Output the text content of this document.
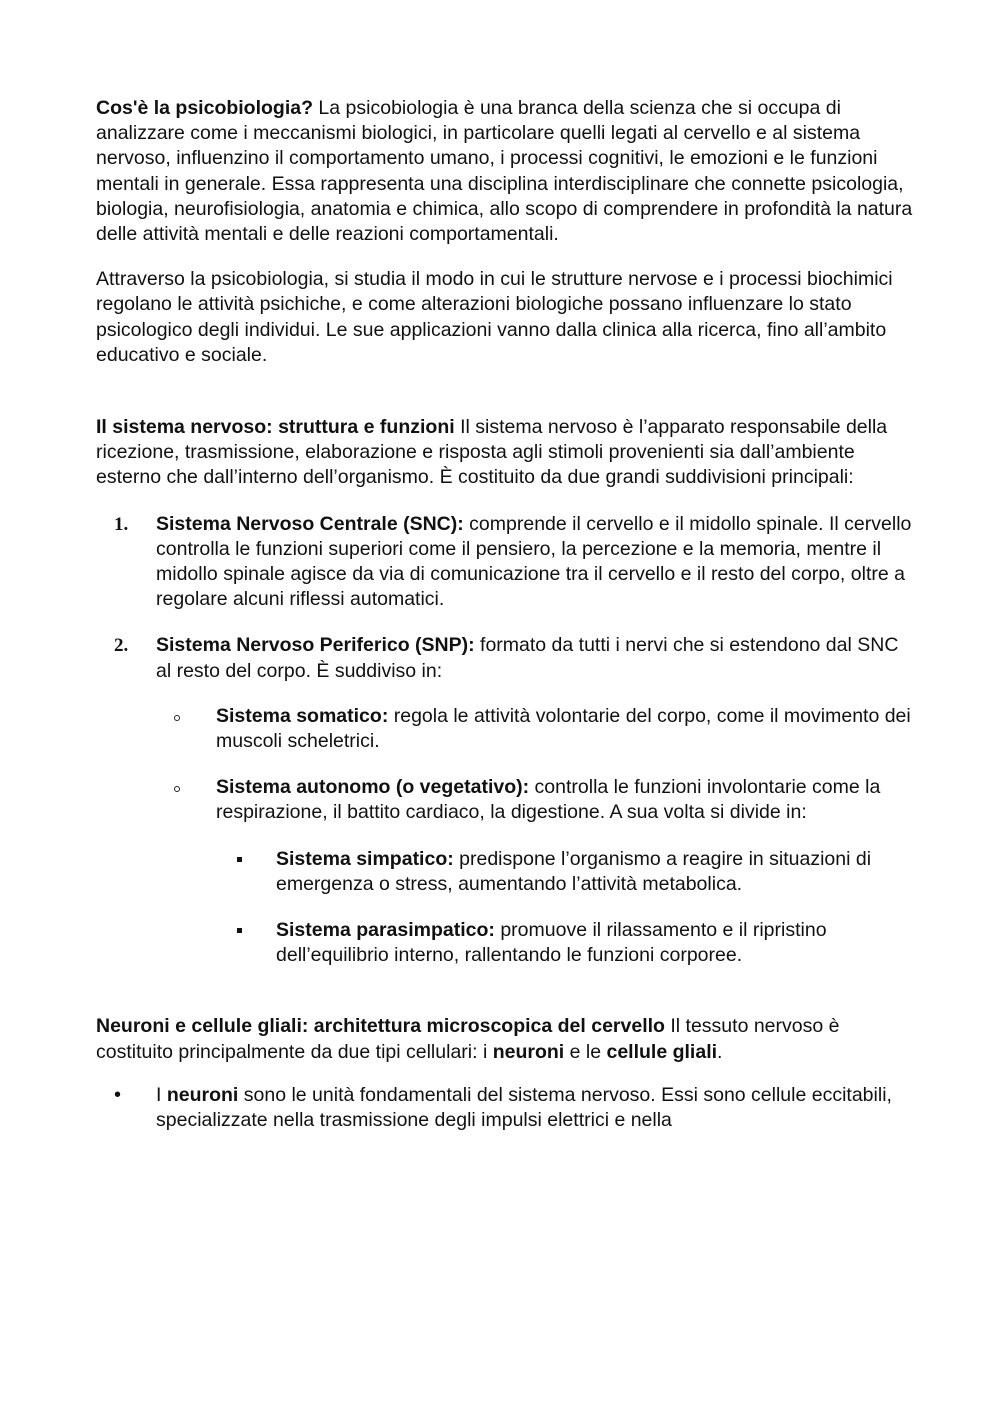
Cos'è la psicobiologia? La psicobiologia è una branca della scienza che si occupa di analizzare come i meccanismi biologici, in particolare quelli legati al cervello e al sistema nervoso, influenzino il comportamento umano, i processi cognitivi, le emozioni e le funzioni mentali in generale. Essa rappresenta una disciplina interdisciplinare che connette psicologia, biologia, neurofisiologia, anatomia e chimica, allo scopo di comprendere in profondità la natura delle attività mentali e delle reazioni comportamentali.

Attraverso la psicobiologia, si studia il modo in cui le strutture nervose e i processi biochimici regolano le attività psichiche, e come alterazioni biologiche possano influenzare lo stato psicologico degli individui. Le sue applicazioni vanno dalla clinica alla ricerca, fino all’ambito educativo e sociale.

Il sistema nervoso: struttura e funzioni Il sistema nervoso è l’apparato responsabile della ricezione, trasmissione, elaborazione e risposta agli stimoli provenienti sia dall’ambiente esterno che dall’interno dell’organismo. È costituito da due grandi suddivisioni principali:

1. Sistema Nervoso Centrale (SNC): comprende il cervello e il midollo spinale. Il cervello controlla le funzioni superiori come il pensiero, la percezione e la memoria, mentre il midollo spinale agisce da via di comunicazione tra il cervello e il resto del corpo, oltre a regolare alcuni riflessi automatici.
2. Sistema Nervoso Periferico (SNP): formato da tutti i nervi che si estendono dal SNC al resto del corpo. È suddiviso in:
Sistema somatico: regola le attività volontarie del corpo, come il movimento dei muscoli scheletrici.
Sistema autonomo (o vegetativo): controlla le funzioni involontarie come la respirazione, il battito cardiaco, la digestione. A sua volta si divide in:
Sistema simpatico: predispone l’organismo a reagire in situazioni di emergenza o stress, aumentando l’attività metabolica.
Sistema parasimpatico: promuove il rilassamento e il ripristino dell’equilibrio interno, rallentando le funzioni corporee.

Neuroni e cellule gliali: architettura microscopica del cervello Il tessuto nervoso è costituito principalmente da due tipi cellulari: i neuroni e le cellule gliali.

• I neuroni sono le unità fondamentali del sistema nervoso. Essi sono cellule eccitabili, specializzate nella trasmissione degli impulsi elettrici e nella
